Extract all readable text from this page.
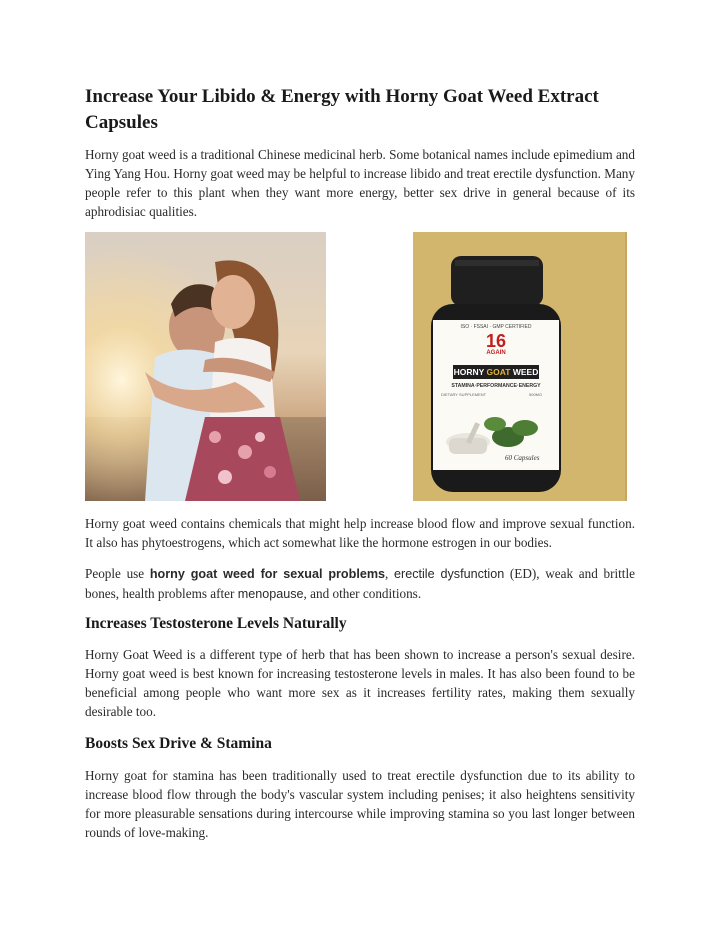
Increase Your Libido & Energy with Horny Goat Weed Extract Capsules

Horny goat weed is a traditional Chinese medicinal herb. Some botanical names include epimedium and Ying Yang Hou. Horny goat weed may be helpful to increase libido and treat erectile dysfunction. Many people refer to this plant when they want more energy, better sex drive in general because of its aphrodisiac qualities.

ISO · FSSAI · GMP CERTIFIED
16
AGAIN
HORNY GOAT WEED
STAMINA·PERFORMANCE·ENERGY
DIETARY SUPPLEMENT	500MG
60 Capsules

Horny goat weed contains chemicals that might help increase blood flow and improve sexual function. It also has phytoestrogens, which act somewhat like the hormone estrogen in our bodies.

People use horny goat weed for sexual problems, erectile dysfunction (ED), weak and brittle bones, health problems after menopause, and other conditions.

Increases Testosterone Levels Naturally

Horny Goat Weed is a different type of herb that has been shown to increase a person's sexual desire. Horny goat weed is best known for increasing testosterone levels in males. It has also been found to be beneficial among people who want more sex as it increases fertility rates, making them sexually desirable too.

Boosts Sex Drive & Stamina

Horny goat for stamina has been traditionally used to treat erectile dysfunction due to its ability to increase blood flow through the body's vascular system including penises; it also heightens sensitivity for more pleasurable sensations during intercourse while improving stamina so you last longer between rounds of love-making.
